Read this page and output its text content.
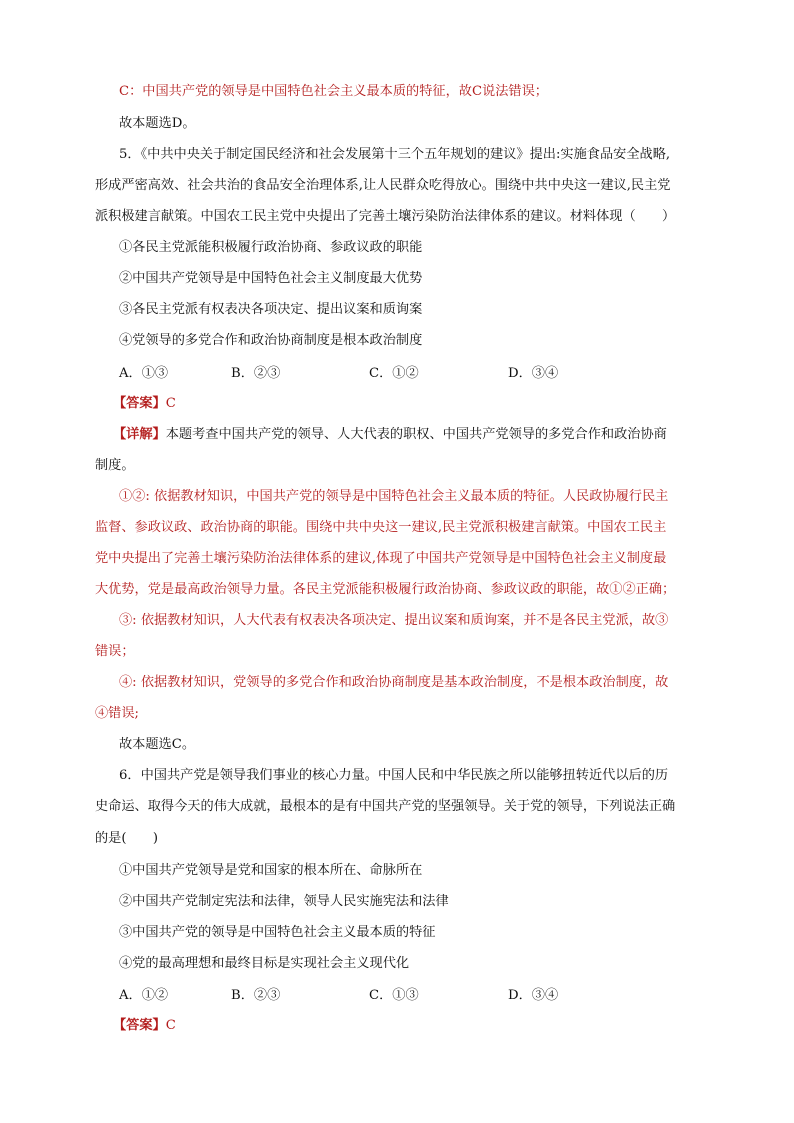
C：中国共产党的领导是中国特色社会主义最本质的特征，故C说法错误；
故本题选D。
5．《中共中央关于制定国民经济和社会发展第十三个五年规划的建议》提出:实施食品安全战略,
形成严密高效、社会共治的食品安全治理体系,让人民群众吃得放心。围绕中共中央这一建议,民主党
派积极建言献策。中国农工民主党中央提出了完善土壤污染防治法律体系的建议。材料体现（　　）
①各民主党派能积极履行政治协商、参政议政的职能
②中国共产党领导是中国特色社会主义制度最大优势
③各民主党派有权表决各项决定、提出议案和质询案
④党领导的多党合作和政治协商制度是根本政治制度
A．①③	B．②③	C．①②	D．③④
【答案】C
【详解】本题考查中国共产党的领导、人大代表的职权、中国共产党领导的多党合作和政治协商
制度。
①②: 依据教材知识，中国共产党的领导是中国特色社会主义最本质的特征。人民政协履行民主
监督、参政议政、政治协商的职能。围绕中共中央这一建议,民主党派积极建言献策。中国农工民主
党中央提出了完善土壤污染防治法律体系的建议,体现了中国共产党领导是中国特色社会主义制度最
大优势，党是最高政治领导力量。各民主党派能积极履行政治协商、参政议政的职能，故①②正确；
③: 依据教材知识，人大代表有权表决各项决定、提出议案和质询案，并不是各民主党派，故③
错误；
④: 依据教材知识，党领导的多党合作和政治协商制度是基本政治制度，不是根本政治制度，故
④错误;
故本题选C。
6．中国共产党是领导我们事业的核心力量。中国人民和中华民族之所以能够扭转近代以后的历
史命运、取得今天的伟大成就，最根本的是有中国共产党的坚强领导。关于党的领导，下列说法正确
的是(　　)
①中国共产党领导是党和国家的根本所在、命脉所在
②中国共产党制定宪法和法律，领导人民实施宪法和法律
③中国共产党的领导是中国特色社会主义最本质的特征
④党的最高理想和最终目标是实现社会主义现代化
A．①②	B．②③	C．①③	D．③④
【答案】C
